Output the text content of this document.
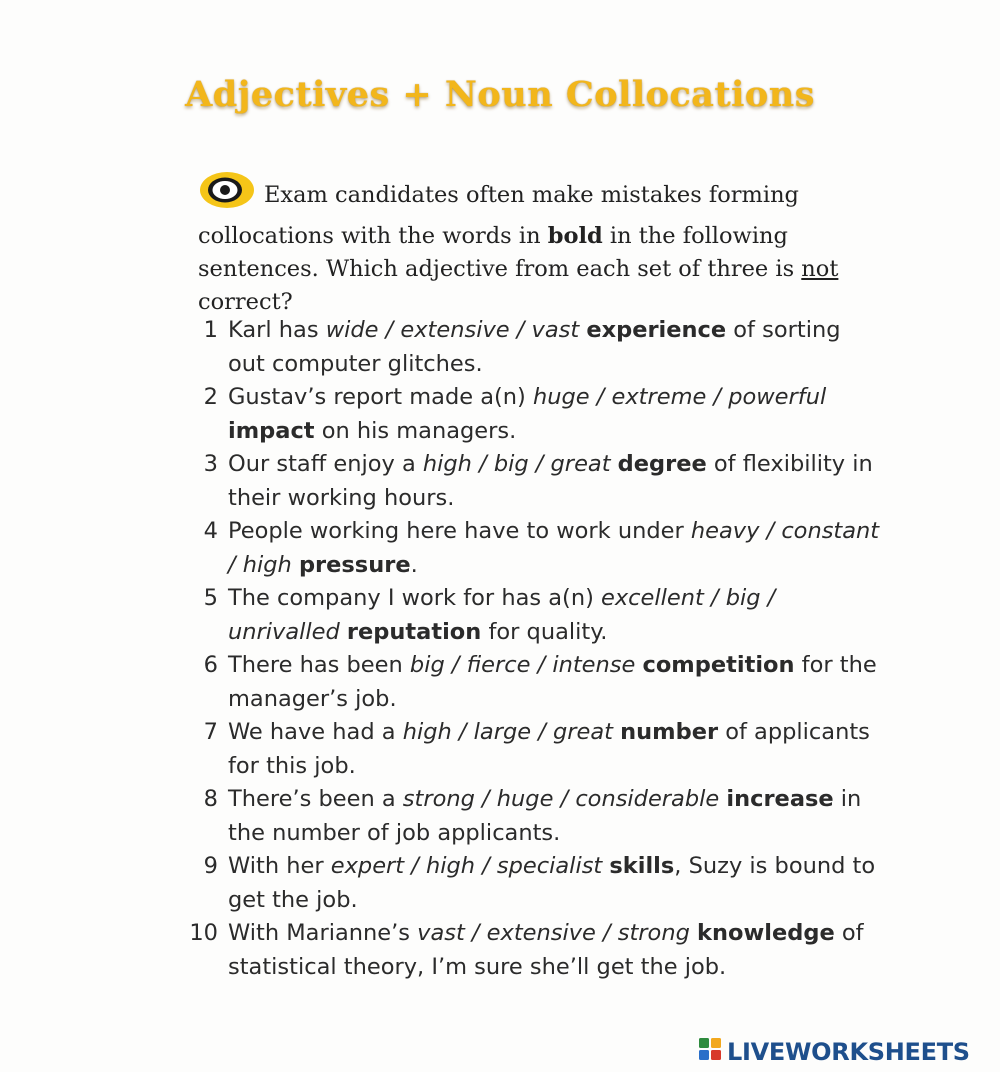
Adjectives + Noun Collocations
Exam candidates often make mistakes forming collocations with the words in bold in the following sentences. Which adjective from each set of three is not correct?
1 Karl has wide / extensive / vast experience of sorting out computer glitches.
2 Gustav’s report made a(n) huge / extreme / powerful impact on his managers.
3 Our staff enjoy a high / big / great degree of flexibility in their working hours.
4 People working here have to work under heavy / constant / high pressure.
5 The company I work for has a(n) excellent / big / unrivalled reputation for quality.
6 There has been big / fierce / intense competition for the manager’s job.
7 We have had a high / large / great number of applicants for this job.
8 There’s been a strong / huge / considerable increase in the number of job applicants.
9 With her expert / high / specialist skills, Suzy is bound to get the job.
10 With Marianne’s vast / extensive / strong knowledge of statistical theory, I’m sure she’ll get the job.
LIVEWORKSHEETS
